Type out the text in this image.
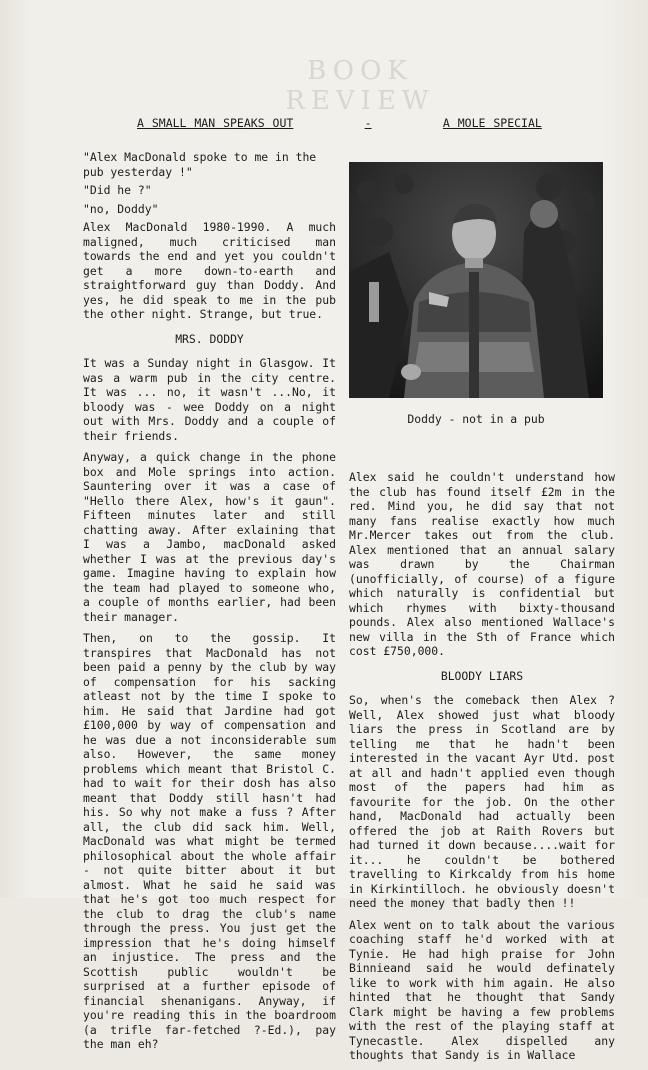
BOOK REVIEW
A SMALL MAN SPEAKS OUT	-	A MOLE SPECIAL

"Alex MacDonald spoke to me in the pub yesterday !"

"Did he ?"

"no, Doddy"

Alex MacDonald 1980-1990. A much maligned, much criticised man towards the end and yet you couldn't get a more down-to-earth and straightforward guy than Doddy. And yes, he did speak to me in the pub the other night. Strange, but true.

MRS. DODDY

It was a Sunday night in Glasgow. It was a warm pub in the city centre. It was ... no, it wasn't ...No, it bloody was - wee Doddy on a night out with Mrs. Doddy and a couple of their friends.

Anyway, a quick change in the phone box and Mole springs into action. Sauntering over it was a case of "Hello there Alex, how's it gaun". Fifteen minutes later and still chatting away. After exlaining that I was a Jambo, macDonald asked whether I was at the previous day's game. Imagine having to explain how the team had played to someone who, a couple of months earlier, had been their manager.

Then, on to the gossip. It transpires that MacDonald has not been paid a penny by the club by way of compensation for his sacking atleast not by the time I spoke to him. He said that Jardine had got £100,000 by way of compensation and he was due a not inconsiderable sum also. However, the same money problems which meant that Bristol C. had to wait for their dosh has also meant that Doddy still hasn't had his. So why not make a fuss ? After all, the club did sack him. Well, MacDonald was what might be termed philosophical about the whole affair - not quite bitter about it but almost. What he said he said was that he's got too much respect for the club to drag the club's name through the press. You just get the impression that he's doing himself an injustice. The press and the Scottish public wouldn't be surprised at a further episode of financial shenanigans. Anyway, if you're reading this in the boardroom (a trifle far-fetched ?-Ed.), pay the man eh?

Doddy - not in a pub

Alex said he couldn't understand how the club has found itself £2m in the red. Mind you, he did say that not many fans realise exactly how much Mr.Mercer takes out from the club. Alex mentioned that an annual salary was drawn by the Chairman (unofficially, of course) of a figure which naturally is confidential but which rhymes with bixty-thousand pounds. Alex also mentioned Wallace's new villa in the Sth of France which cost £750,000.

BLOODY LIARS

So, when's the comeback then Alex ? Well, Alex showed just what bloody liars the press in Scotland are by telling me that he hadn't been interested in the vacant Ayr Utd. post at all and hadn't applied even though most of the papers had him as favourite for the job. On the other hand, MacDonald had actually been offered the job at Raith Rovers but had turned it down because....wait for it... he couldn't be bothered travelling to Kirkcaldy from his home in Kirkintilloch. he obviously doesn't need the money that badly then !!

Alex went on to talk about the various coaching staff he'd worked with at Tynie. He had high praise for John Binnieand said he would definately like to work with him again. He also hinted that he thought that Sandy Clark might be having a few problems with the rest of the playing staff at Tynecastle. Alex dispelled any thoughts that Sandy is in Wallace
